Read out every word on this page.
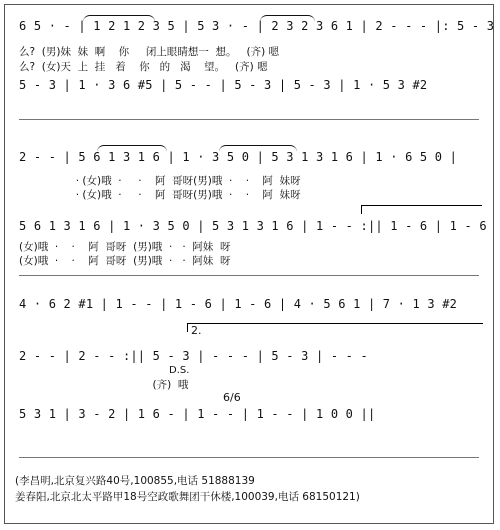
6 5 · - | 1 2 1 2 3 5 | 5 3 · - | 2 3 2 3 6 1 | 2 - - - |: 5 - 3
么?  (男)妹  妹  啊    你     闭上眼睛想一  想。   (齐) 嗯
么?  (女)天  上  挂   着    你   的   渴    望。   (齐) 嗯
5 - 3 | 1 · 3 6 #5 | 5 - - | 5 - 3 | 5 - 3 | 1 · 5 3 #2
2 - - | 5 6 1 3 1 6 | 1 · 3 5 0 | 5 3 1 3 1 6 | 1 · 6 5 0 |
· (女)哦  ·     ·    阿  哥呀(男)哦  ·    ·    阿  妹呀
· (女)哦  ·     ·    阿  哥呀(男)哦  ·    ·    阿  妹呀
5 6 1 3 1 6 | 1 · 3 5 0 | 5 3 1 3 1 6 | 1 - - :|| 1 - 6 | 1 - 6
(女)哦  ·    ·    阿  哥呀  (男)哦  ·   ·  阿妹  呀
(女)哦  ·    ·    阿  哥呀  (男)哦  ·   ·  阿妹  呀
4 · 6 2 #1 | 1 - - | 1 - 6 | 1 - 6 | 4 · 5 6 1 | 7 · 1 3 #2
2.
2 - - | 2 - - :|| 5 - 3 | - - - | 5 - 3 | - - -
D.S.
(齐)  哦
6/6
5 3 1 | 3 - 2 | 1 6 - | 1 - - | 1 - - | 1 0 0 ||
(李昌明,北京复兴路40号,100855,电话 51888139
姜春阳,北京北太平路甲18号空政歌舞团干休楼,100039,电话 68150121)
